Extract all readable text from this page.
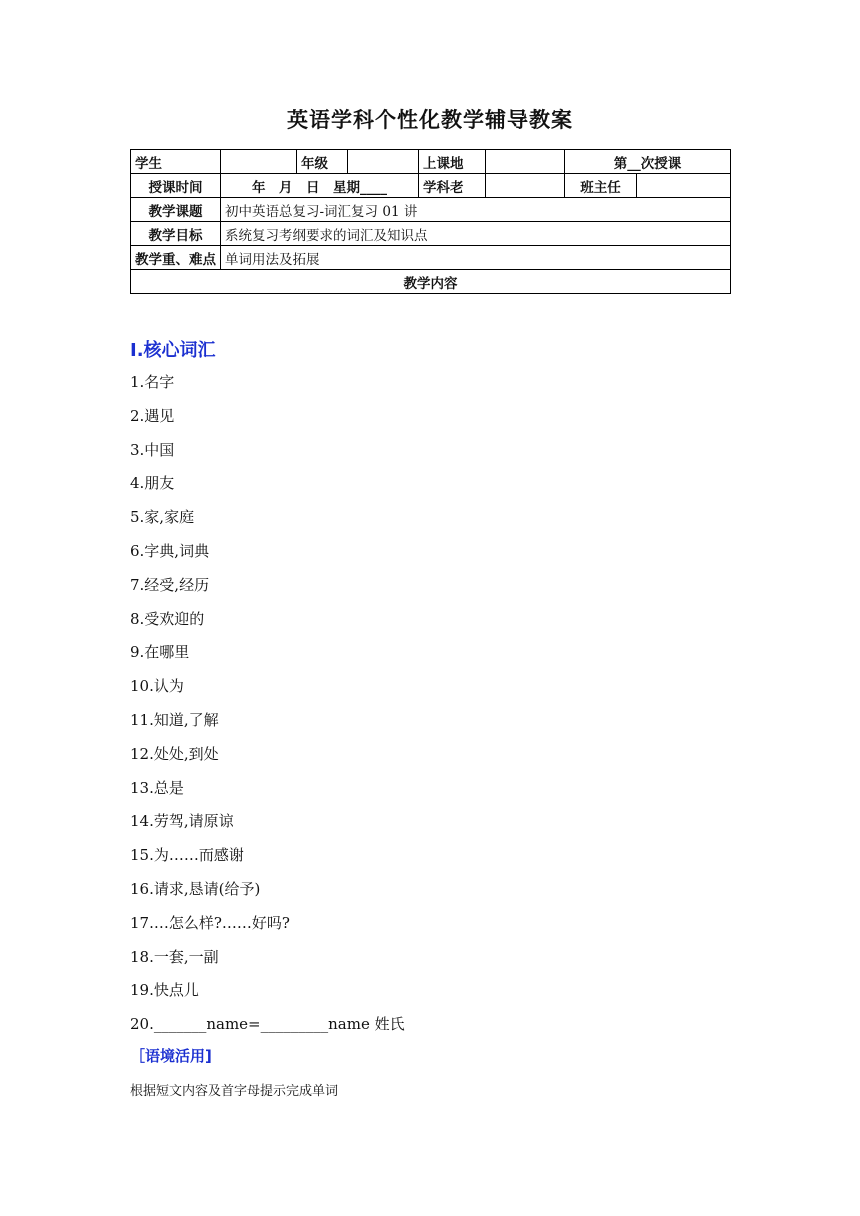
英语学科个性化教学辅导教案
学生		年级		上课地		第__次授课	
授课时间	年　月　日　星期____			学科老		班主任	
教学课题	初中英语总复习-词汇复习 01 讲						
教学目标	系统复习考纲要求的词汇及知识点						
教学重、难点	单词用法及拓展						
教学内容							
I.核心词汇
1.名字
2.遇见
3.中国
4.朋友
5.家,家庭
6.字典,词典
7.经受,经历
8.受欢迎的
9.在哪里
10.认为
11.知道,了解
12.处处,到处
13.总是
14.劳驾,请原谅
15.为……而感谢
16.请求,恳请(给予)
17.…怎么样?……好吗?
18.一套,一副
19.快点儿
20._______name=_________name 姓氏
［语境活用]
根据短文内容及首字母提示完成单词
